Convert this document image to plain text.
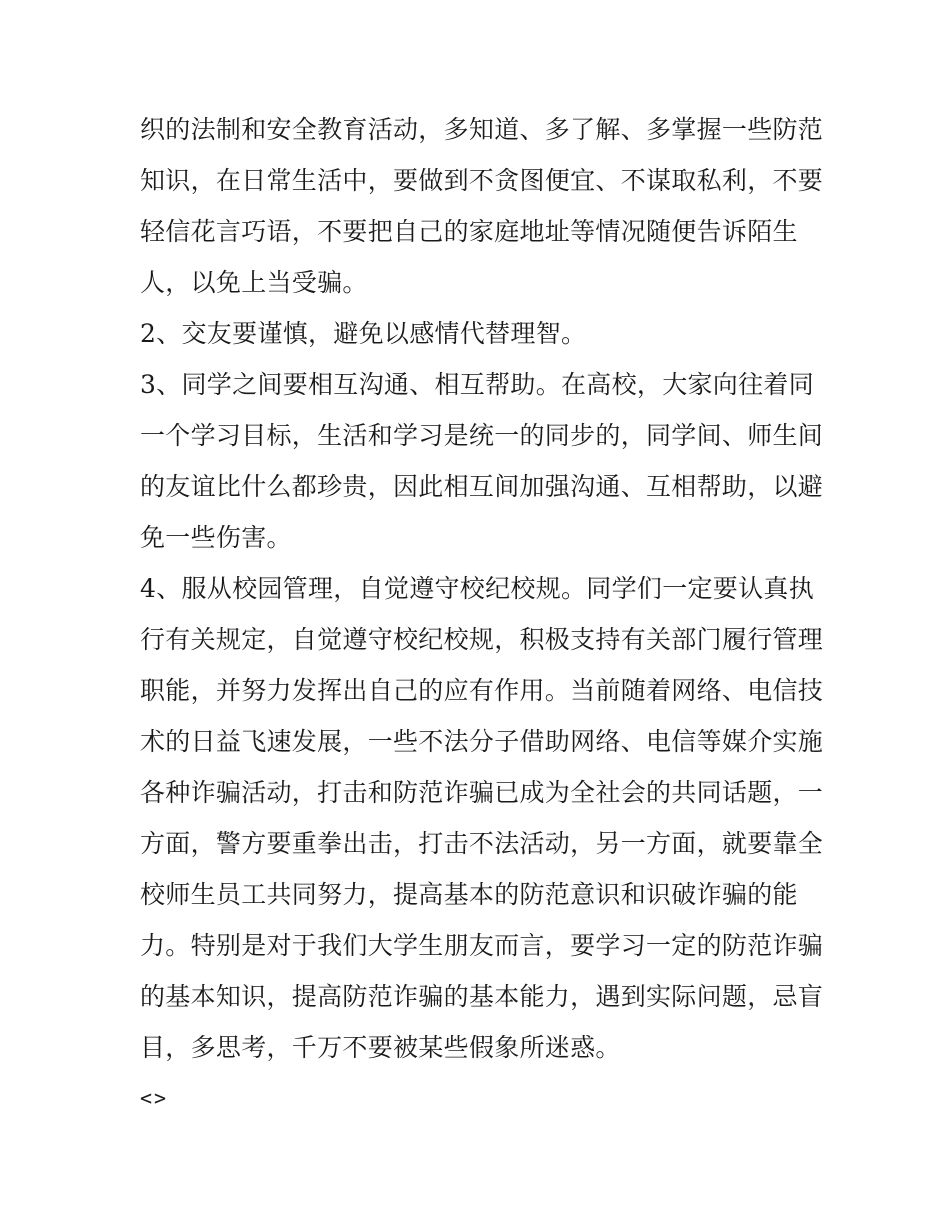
织的法制和安全教育活动，多知道、多了解、多掌握一些防范
知识，在日常生活中，要做到不贪图便宜、不谋取私利，不要
轻信花言巧语，不要把自己的家庭地址等情况随便告诉陌生
人，以免上当受骗。

2、交友要谨慎，避免以感情代替理智。

3、同学之间要相互沟通、相互帮助。在高校，大家向往着同
一个学习目标，生活和学习是统一的同步的，同学间、师生间
的友谊比什么都珍贵，因此相互间加强沟通、互相帮助，以避
免一些伤害。

4、服从校园管理，自觉遵守校纪校规。同学们一定要认真执
行有关规定，自觉遵守校纪校规，积极支持有关部门履行管理
职能，并努力发挥出自己的应有作用。当前随着网络、电信技
术的日益飞速发展，一些不法分子借助网络、电信等媒介实施
各种诈骗活动，打击和防范诈骗已成为全社会的共同话题，一
方面，警方要重拳出击，打击不法活动，另一方面，就要靠全
校师生员工共同努力，提高基本的防范意识和识破诈骗的能
力。特别是对于我们大学生朋友而言，要学习一定的防范诈骗
的基本知识，提高防范诈骗的基本能力，遇到实际问题，忌盲
目，多思考，千万不要被某些假象所迷惑。

<>
